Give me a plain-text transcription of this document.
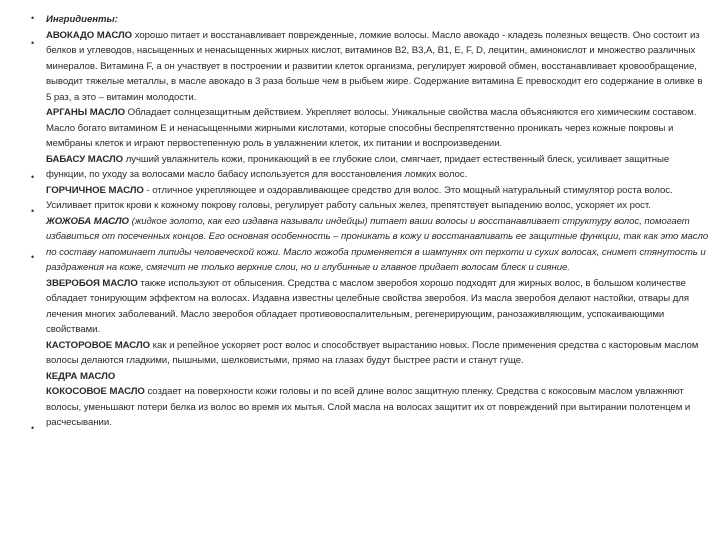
•
•
•
•
•
•

Ингридиенты:

АВОКАДО МАСЛО хорошо питает и восстанавливает поврежденные, ломкие волосы. Масло авокадо - кладезь полезных веществ. Оно состоит из белков и углеводов, насыщенных и ненасыщенных жирных кислот, витаминов В2, В3,А, В1, Е, F, D, лецитин, аминокислот и множество различных минералов. Витамина F, а он участвует в построении и развитии клеток организма, регулирует жировой обмен, восстанавливает кровообращение, выводит тяжелые металлы, в масле авокадо в 3 раза больше чем в рыбьем жире. Содержание витамина Е превосходит его содержание в оливке в 5 раз, а это – витамин молодости.

АРГАНЫ МАСЛО Обладает солнцезащитным действием. Укрепляет волосы. Уникальные свойства масла объясняются его химическим составом. Масло богато витамином Е и ненасыщенными жирными кислотами, которые способны беспрепятственно проникать через кожные покровы и мембраны клеток и играют первостепенную роль в увлажнении клеток, их питании и воспроизведении.

БАБАСУ МАСЛО лучший увлажнитель кожи, проникающий в ее глубокие слои, смягчает, придает естественный блеск, усиливает защитные функции, по уходу за волосами масло бабасу используется для восстановления ломких волос.

ГОРЧИЧНОЕ МАСЛО - отличное укрепляющее и оздоравливающее средство для волос. Это мощный натуральный стимулятор роста волос. Усиливает приток крови к кожному покрову головы, регулирует работу сальных желез, препятствует выпадению волос, ускоряет их рост.

ЖОЖОБА МАСЛО (жидкое золото, как его издавна называли индейцы) питает ваши волосы и восстанавливает структуру волос, помогает избавиться от посеченных концов. Его основная особенность – проникать в кожу и восстанавливать ее защитные функции, так как это масло по составу напоминает липиды человеческой кожи. Масло жожоба применяется в шампунях от перхоти и сухих волосах, снимет стянутость и раздражения на коже, смягчит не только верхние слои, но и глубинные и главное придает волосам блеск и сияние.

ЗВЕРОБОЯ МАСЛО также используют от облысения. Средства с маслом зверобоя хорошо подходят для жирных волос, в большом количестве обладает тонирующим эффектом на волосах. Издавна известны целебные свойства зверобоя. Из масла зверобоя делают настойки, отвары для лечения многих заболеваний. Масло зверобоя обладает противовоспалительным, регенерирующим, ранозаживляющим, успокаивающими свойствами.

КАСТОРОВОЕ МАСЛО как и репейное ускоряет рост волос и способствует вырастанию новых. После применения средства с касторовым маслом волосы делаются гладкими, пышными, шелковистыми, прямо на глазах будут быстрее расти и станут гуще.

КЕДРА МАСЛО

КОКОСОВОЕ МАСЛО создает на поверхности кожи головы и по всей длине волос защитную пленку. Средства с кокосовым маслом увлажняют волосы, уменьшают потери белка из волос во время их мытья. Слой масла на волосах защитит их от повреждений при вытирании полотенцем и расчесывании.
